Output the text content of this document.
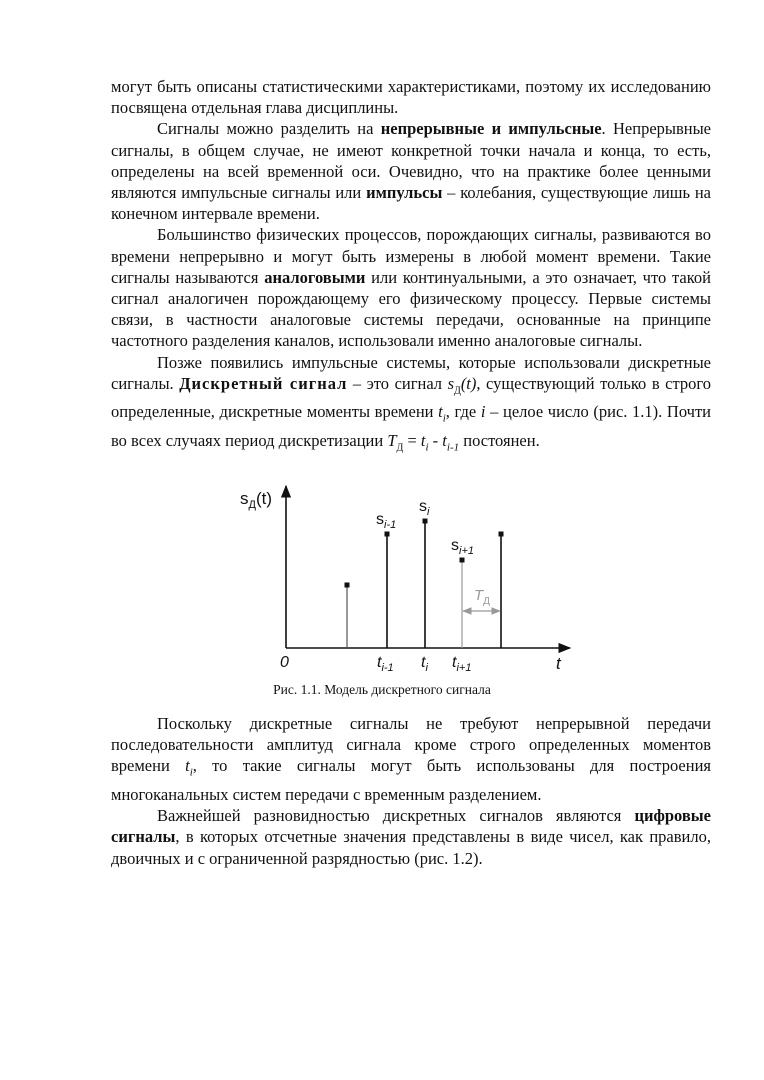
могут быть описаны статистическими характеристиками, поэтому их исследованию посвящена отдельная глава дисциплины.

Сигналы можно разделить на непрерывные и импульсные. Непрерывные сигналы, в общем случае, не имеют конкретной точки начала и конца, то есть, определены на всей временной оси. Очевидно, что на практике более ценными являются импульсные сигналы или импульсы – колебания, существующие лишь на конечном интервале времени.

Большинство физических процессов, порождающих сигналы, развиваются во времени непрерывно и могут быть измерены в любой момент времени. Такие сигналы называются аналоговыми или континуальными, а это означает, что такой сигнал аналогичен порождающему его физическому процессу. Первые системы связи, в частности аналоговые системы передачи, основанные на принципе частотного разделения каналов, использовали именно аналоговые сигналы.

Позже появились импульсные системы, которые использовали дискретные сигналы. Дискретный сигнал – это сигнал $s_Д(t)$, существующий только в строго определенные, дискретные моменты времени $t_i$, где i – целое число (рис. 1.1). Почти во всех случаях период дискретизации $T_Д = t_i - t_{i-1}$ постоянен.

$s_Д(t)$
0	t
$s_{i-1}$
$s_i$
$s_{i+1}$
$t_{i-1}$ $t_i$ $t_{i+1}$
$T_Д$
Рис. 1.1. Модель дискретного сигнала

Поскольку дискретные сигналы не требуют непрерывной передачи последовательности амплитуд сигнала кроме строго определенных моментов времени $t_i$, то такие сигналы могут быть использованы для построения многоканальных систем передачи с временным разделением.

Важнейшей разновидностью дискретных сигналов являются цифровые сигналы, в которых отсчетные значения представлены в виде чисел, как правило, двоичных и с ограниченной разрядностью (рис. 1.2).
